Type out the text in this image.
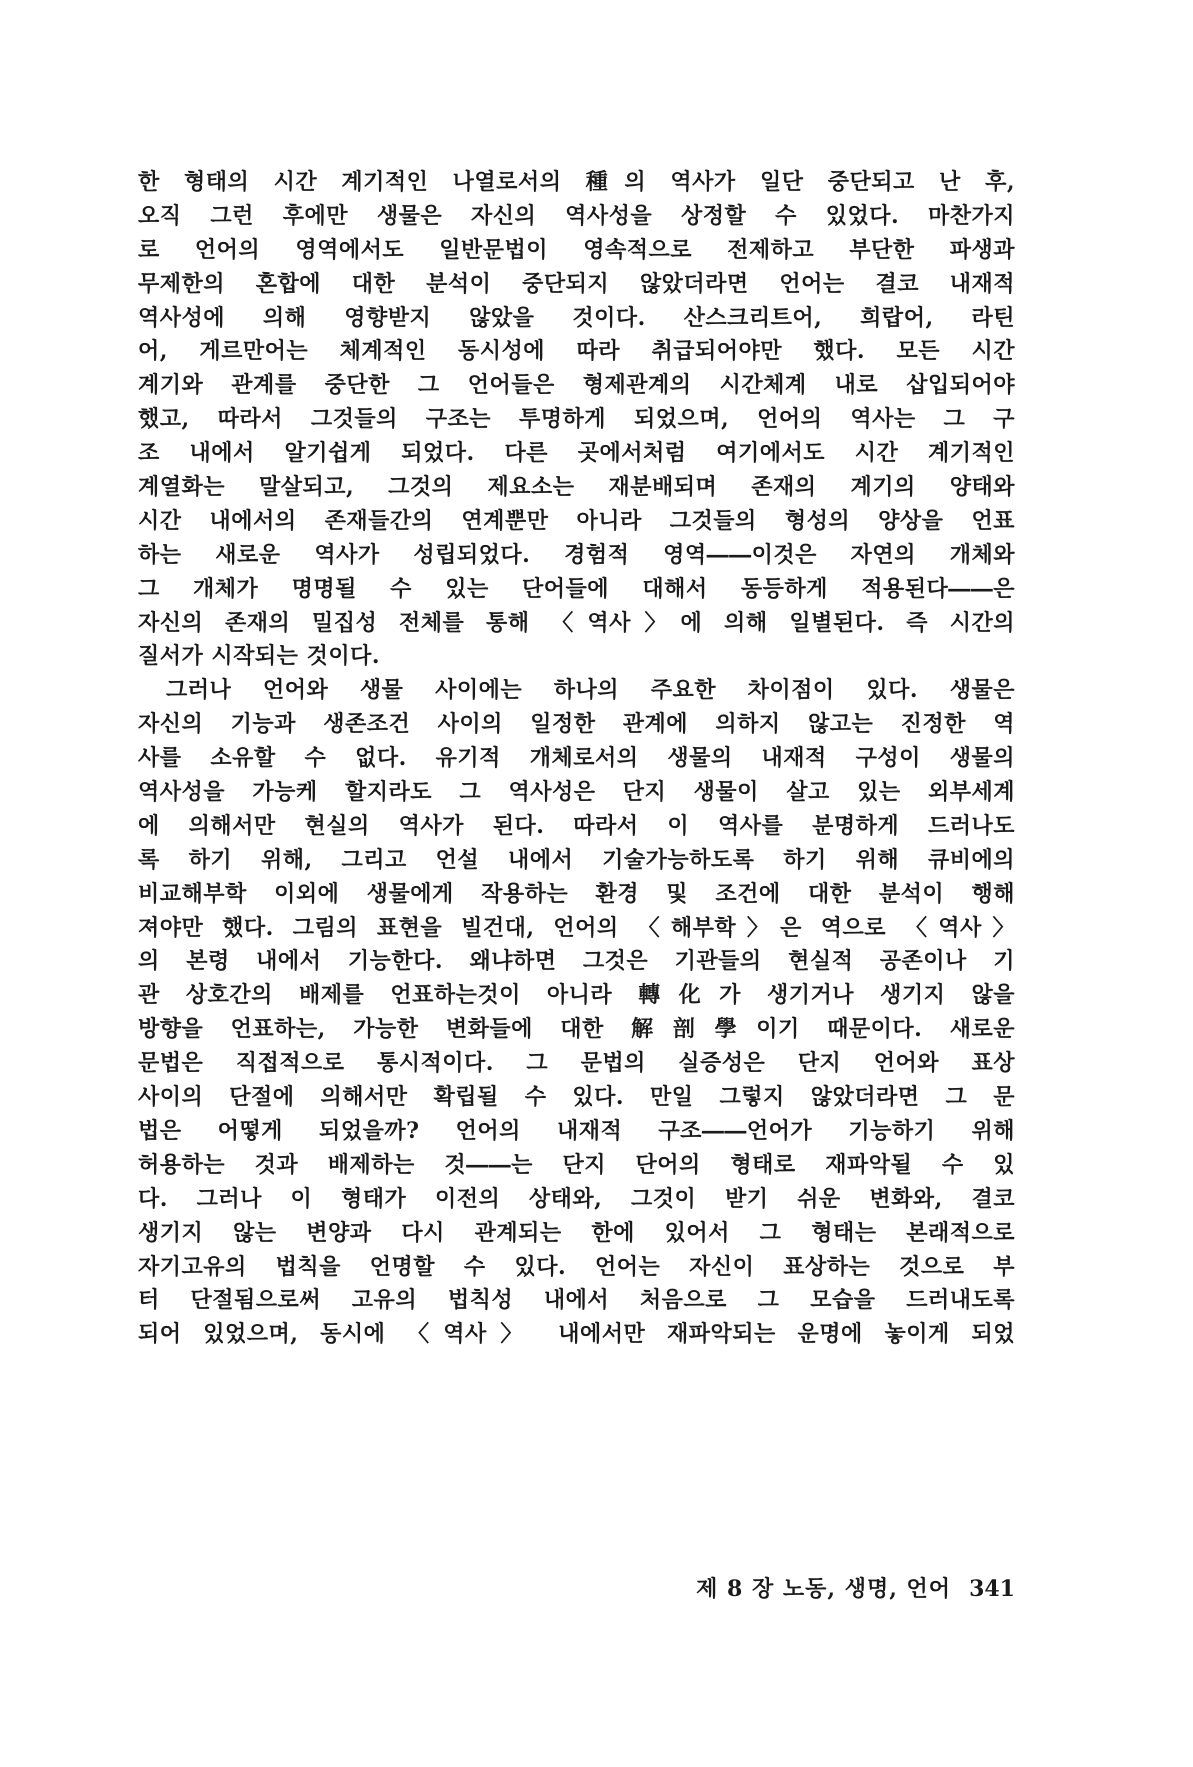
한 형태의 시간 계기적인 나열로서의 種의 역사가 일단 중단되고 난 후,
오직 그런 후에만 생물은 자신의 역사성을 상정할 수 있었다. 마찬가지
로 언어의 영역에서도 일반문법이 영속적으로 전제하고 부단한 파생과
무제한의 혼합에 대한 분석이 중단되지 않았더라면 언어는 결코 내재적
역사성에 의해 영향받지 않았을 것이다. 산스크리트어, 희랍어, 라틴
어, 게르만어는 체계적인 동시성에 따라 취급되어야만 했다. 모든 시간
계기와 관계를 중단한 그 언어들은 형제관계의 시간체계 내로 삽입되어야
했고, 따라서 그것들의 구조는 투명하게 되었으며, 언어의 역사는 그 구
조 내에서 알기쉽게 되었다. 다른 곳에서처럼 여기에서도 시간 계기적인
계열화는 말살되고, 그것의 제요소는 재분배되며 존재의 계기의 양태와
시간 내에서의 존재들간의 연계뿐만 아니라 그것들의 형성의 양상을 언표
하는 새로운 역사가 성립되었다. 경험적 영역――이것은 자연의 개체와
그 개체가 명명될 수 있는 단어들에 대해서 동등하게 적용된다――은
자신의 존재의 밀집성 전체를 통해 〈역사〉에 의해 일별된다. 즉 시간의
질서가 시작되는 것이다.
그러나 언어와 생물 사이에는 하나의 주요한 차이점이 있다. 생물은
자신의 기능과 생존조건 사이의 일정한 관계에 의하지 않고는 진정한 역
사를 소유할 수 없다. 유기적 개체로서의 생물의 내재적 구성이 생물의
역사성을 가능케 할지라도 그 역사성은 단지 생물이 살고 있는 외부세계
에 의해서만 현실의 역사가 된다. 따라서 이 역사를 분명하게 드러나도
록 하기 위해, 그리고 언설 내에서 기술가능하도록 하기 위해 큐비에의
비교해부학 이외에 생물에게 작용하는 환경 및 조건에 대한 분석이 행해
져야만 했다. 그림의 표현을 빌건대, 언어의 〈해부학〉은 역으로 〈역사〉
의 본령 내에서 기능한다. 왜냐하면 그것은 기관들의 현실적 공존이나 기
관 상호간의 배제를 언표하는것이 아니라 轉化가 생기거나 생기지 않을
방향을 언표하는, 가능한 변화들에 대한 解剖學이기 때문이다. 새로운
문법은 직접적으로 통시적이다. 그 문법의 실증성은 단지 언어와 표상
사이의 단절에 의해서만 확립될 수 있다. 만일 그렇지 않았더라면 그 문
법은 어떻게 되었을까? 언어의 내재적 구조――언어가 기능하기 위해
허용하는 것과 배제하는 것――는 단지 단어의 형태로 재파악될 수 있
다. 그러나 이 형태가 이전의 상태와, 그것이 받기 쉬운 변화와, 결코
생기지 않는 변양과 다시 관계되는 한에 있어서 그 형태는 본래적으로
자기고유의 법칙을 언명할 수 있다. 언어는 자신이 표상하는 것으로 부
터 단절됨으로써 고유의 법칙성 내에서 처음으로 그 모습을 드러내도록
되어 있었으며, 동시에 〈역사〉 내에서만 재파악되는 운명에 놓이게 되었
제 8 장 노동, 생명, 언어 341
